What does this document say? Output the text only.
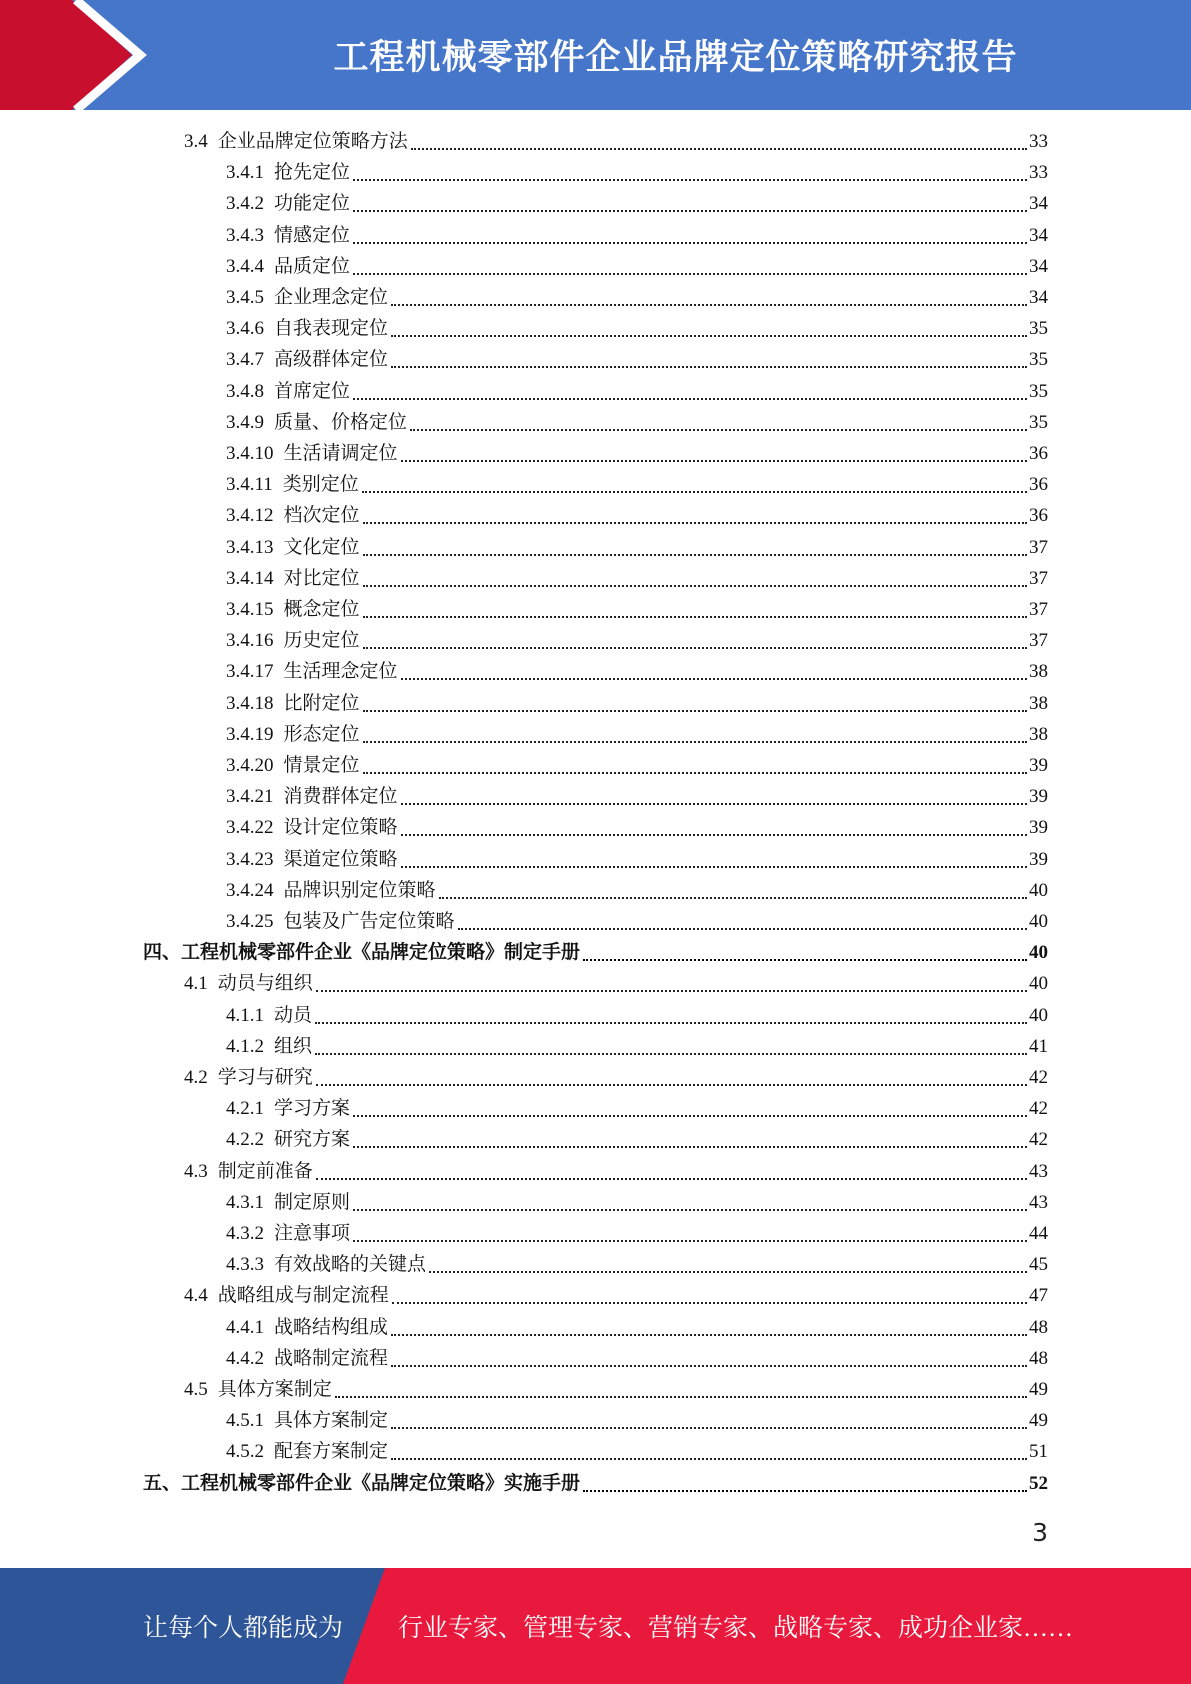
工程机械零部件企业品牌定位策略研究报告
3.4 企业品牌定位策略方法	33
3.4.1 抢先定位	33
3.4.2 功能定位	34
3.4.3 情感定位	34
3.4.4 品质定位	34
3.4.5 企业理念定位	34
3.4.6 自我表现定位	35
3.4.7 高级群体定位	35
3.4.8 首席定位	35
3.4.9 质量、价格定位	35
3.4.10 生活请调定位	36
3.4.11 类别定位	36
3.4.12 档次定位	36
3.4.13 文化定位	37
3.4.14 对比定位	37
3.4.15 概念定位	37
3.4.16 历史定位	37
3.4.17 生活理念定位	38
3.4.18 比附定位	38
3.4.19 形态定位	38
3.4.20 情景定位	39
3.4.21 消费群体定位	39
3.4.22 设计定位策略	39
3.4.23 渠道定位策略	39
3.4.24 品牌识别定位策略	40
3.4.25 包装及广告定位策略	40
四、工程机械零部件企业《品牌定位策略》制定手册	40
4.1 动员与组织	40
4.1.1 动员	40
4.1.2 组织	41
4.2 学习与研究	42
4.2.1 学习方案	42
4.2.2 研究方案	42
4.3 制定前准备	43
4.3.1 制定原则	43
4.3.2 注意事项	44
4.3.3 有效战略的关键点	45
4.4 战略组成与制定流程	47
4.4.1 战略结构组成	48
4.4.2 战略制定流程	48
4.5 具体方案制定	49
4.5.1 具体方案制定	49
4.5.2 配套方案制定	51
五、工程机械零部件企业《品牌定位策略》实施手册	52
3
让每个人都能成为 行业专家、管理专家、营销专家、战略专家、成功企业家……
